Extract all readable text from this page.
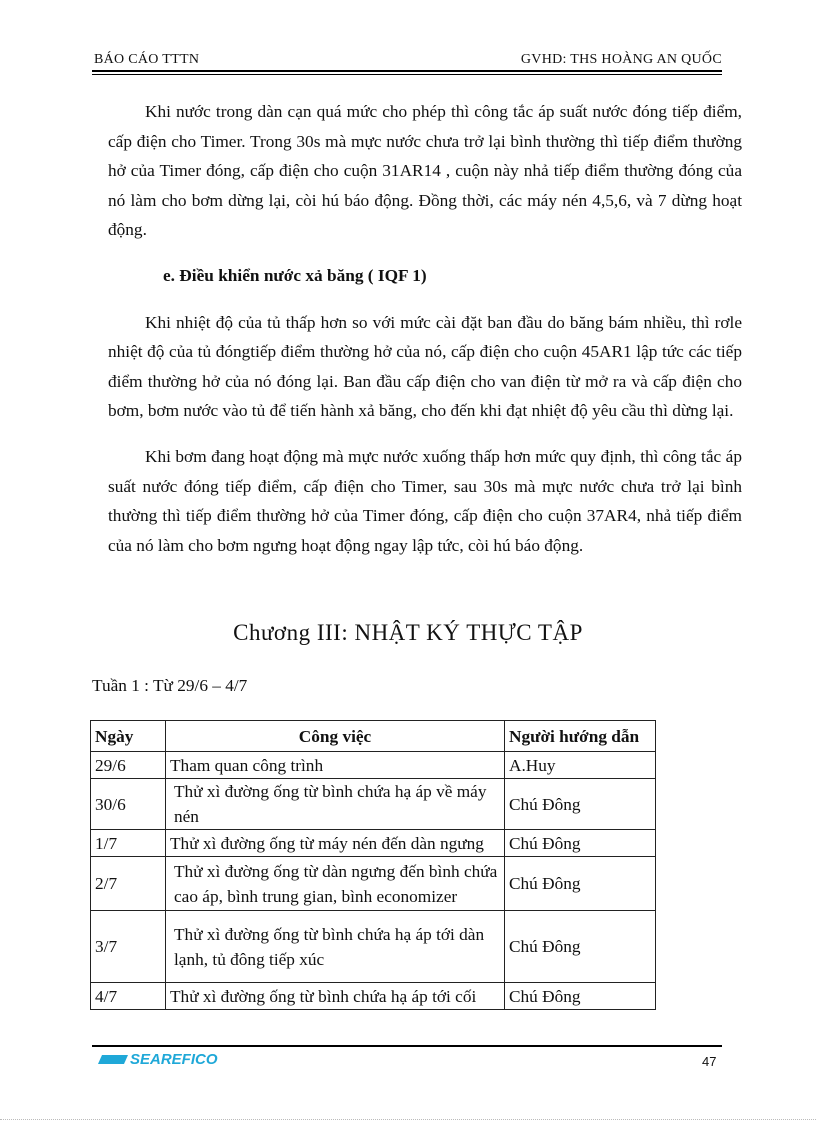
BÁO CÁO TTTN	GVHD: THS HOÀNG AN QUỐC

Khi nước trong dàn cạn quá mức cho phép thì công tắc áp suất nước đóng tiếp điểm, cấp điện cho Timer. Trong 30s mà mực nước chưa trở lại bình thường thì tiếp điểm thường hở của Timer đóng, cấp điện cho cuộn 31AR14 , cuộn này nhả tiếp điểm thường đóng của nó làm cho bơm dừng lại, còi hú báo động. Đồng thời, các máy nén 4,5,6, và 7 dừng hoạt động.

e. Điều khiển nước xả băng ( IQF 1)

Khi nhiệt độ của tủ thấp hơn so với mức cài đặt ban đầu do băng bám nhiều, thì rơle nhiệt độ của tủ đóngtiếp điểm thường hở của nó, cấp điện cho cuộn 45AR1 lập tức các tiếp điểm thường hở của nó đóng lại. Ban đầu cấp điện cho van điện từ mở ra và cấp điện cho bơm, bơm nước vào tủ để tiến hành xả băng, cho đến khi đạt nhiệt độ yêu cầu thì dừng lại.

Khi bơm đang hoạt động mà mực nước xuống thấp hơn mức quy định, thì công tắc áp suất nước đóng tiếp điểm, cấp điện cho Timer, sau 30s mà mực nước chưa trở lại bình thường thì tiếp điểm thường hở của Timer đóng, cấp điện cho cuộn 37AR4, nhả tiếp điểm của nó làm cho bơm ngưng hoạt động ngay lập tức, còi hú báo động.

Chương III: NHẬT KÝ THỰC TẬP
Tuần 1 : Từ 29/6 – 4/7
Ngày	Công việc	Người hướng dẫn
29/6	Tham quan công trình	A.Huy
30/6	Thử xì đường ống từ bình chứa hạ áp về máy nén	Chú Đông
1/7	Thử xì đường ống từ máy nén đến dàn ngưng	Chú Đông
2/7	Thử xì đường ống từ dàn ngưng đến bình chứa cao áp, bình trung gian, bình economizer	Chú Đông
3/7	Thử xì đường ống từ bình chứa hạ áp tới dàn lạnh, tủ đông tiếp xúc	Chú Đông
4/7	Thử xì đường ống từ bình chứa hạ áp tới cối	Chú Đông
SEAREFICO	47
